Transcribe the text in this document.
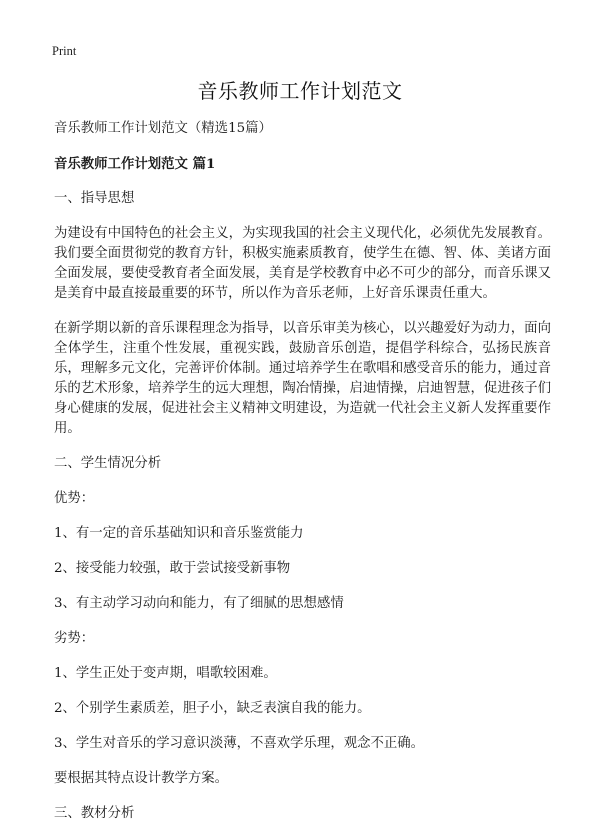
Print
音乐教师工作计划范文

音乐教师工作计划范文（精选15篇）

音乐教师工作计划范文 篇1

一、指导思想

为建设有中国特色的社会主义，为实现我国的社会主义现代化，必须优先发展教育。我们要全面贯彻党的教育方针，积极实施素质教育，使学生在德、智、体、美诸方面全面发展，要使受教育者全面发展，美育是学校教育中必不可少的部分，而音乐课又是美育中最直接最重要的环节，所以作为音乐老师，上好音乐课责任重大。

在新学期以新的音乐课程理念为指导，以音乐审美为核心，以兴趣爱好为动力，面向全体学生，注重个性发展，重视实践，鼓励音乐创造，提倡学科综合，弘扬民族音乐，理解多元文化，完善评价体制。通过培养学生在歌唱和感受音乐的能力，通过音乐的艺术形象，培养学生的远大理想，陶冶情操，启迪情操，启迪智慧，促进孩子们身心健康的发展，促进社会主义精神文明建设，为造就一代社会主义新人发挥重要作用。

二、学生情况分析

优势：

1、有一定的音乐基础知识和音乐鉴赏能力

2、接受能力较强，敢于尝试接受新事物

3、有主动学习动向和能力，有了细腻的思想感情

劣势：

1、学生正处于变声期，唱歌较困难。

2、个别学生素质差，胆子小，缺乏表演自我的能力。

3、学生对音乐的学习意识淡薄，不喜欢学乐理，观念不正确。

要根据其特点设计教学方案。

三、教材分析
